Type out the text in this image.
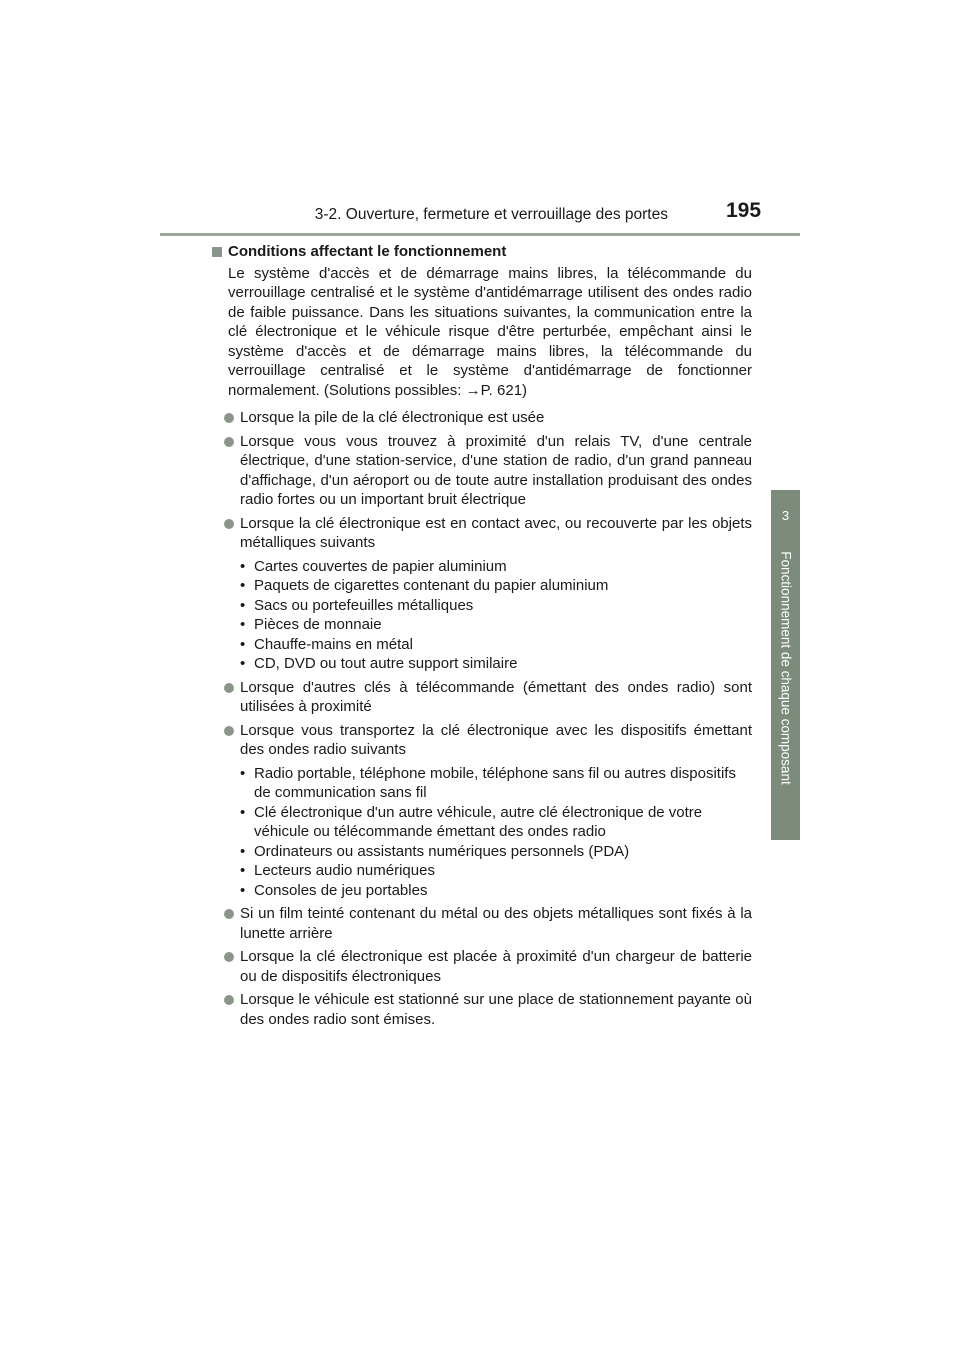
3-2. Ouverture, fermeture et verrouillage des portes	195
3
Fonctionnement de chaque composant
Conditions affectant le fonctionnement

Le système d'accès et de démarrage mains libres, la télécommande du verrouillage centralisé et le système d'antidémarrage utilisent des ondes radio de faible puissance. Dans les situations suivantes, la communication entre la clé électronique et le véhicule risque d'être perturbée, empêchant ainsi le système d'accès et de démarrage mains libres, la télécommande du verrouillage centralisé et le système d'antidémarrage de fonctionner normalement. (Solutions possibles: →P. 621)

Lorsque la pile de la clé électronique est usée
Lorsque vous vous trouvez à proximité d'un relais TV, d'une centrale électrique, d'une station-service, d'une station de radio, d'un grand panneau d'affichage, d'un aéroport ou de toute autre installation produisant des ondes radio fortes ou un important bruit électrique
Lorsque la clé électronique est en contact avec, ou recouverte par les objets métalliques suivants
• Cartes couvertes de papier aluminium
• Paquets de cigarettes contenant du papier aluminium
• Sacs ou portefeuilles métalliques
• Pièces de monnaie
• Chauffe-mains en métal
• CD, DVD ou tout autre support similaire
Lorsque d'autres clés à télécommande (émettant des ondes radio) sont utilisées à proximité
Lorsque vous transportez la clé électronique avec les dispositifs émettant des ondes radio suivants
• Radio portable, téléphone mobile, téléphone sans fil ou autres dispositifs de communication sans fil
• Clé électronique d'un autre véhicule, autre clé électronique de votre véhicule ou télécommande émettant des ondes radio
• Ordinateurs ou assistants numériques personnels (PDA)
• Lecteurs audio numériques
• Consoles de jeu portables
Si un film teinté contenant du métal ou des objets métalliques sont fixés à la lunette arrière
Lorsque la clé électronique est placée à proximité d'un chargeur de batterie ou de dispositifs électroniques
Lorsque le véhicule est stationné sur une place de stationnement payante où des ondes radio sont émises.
